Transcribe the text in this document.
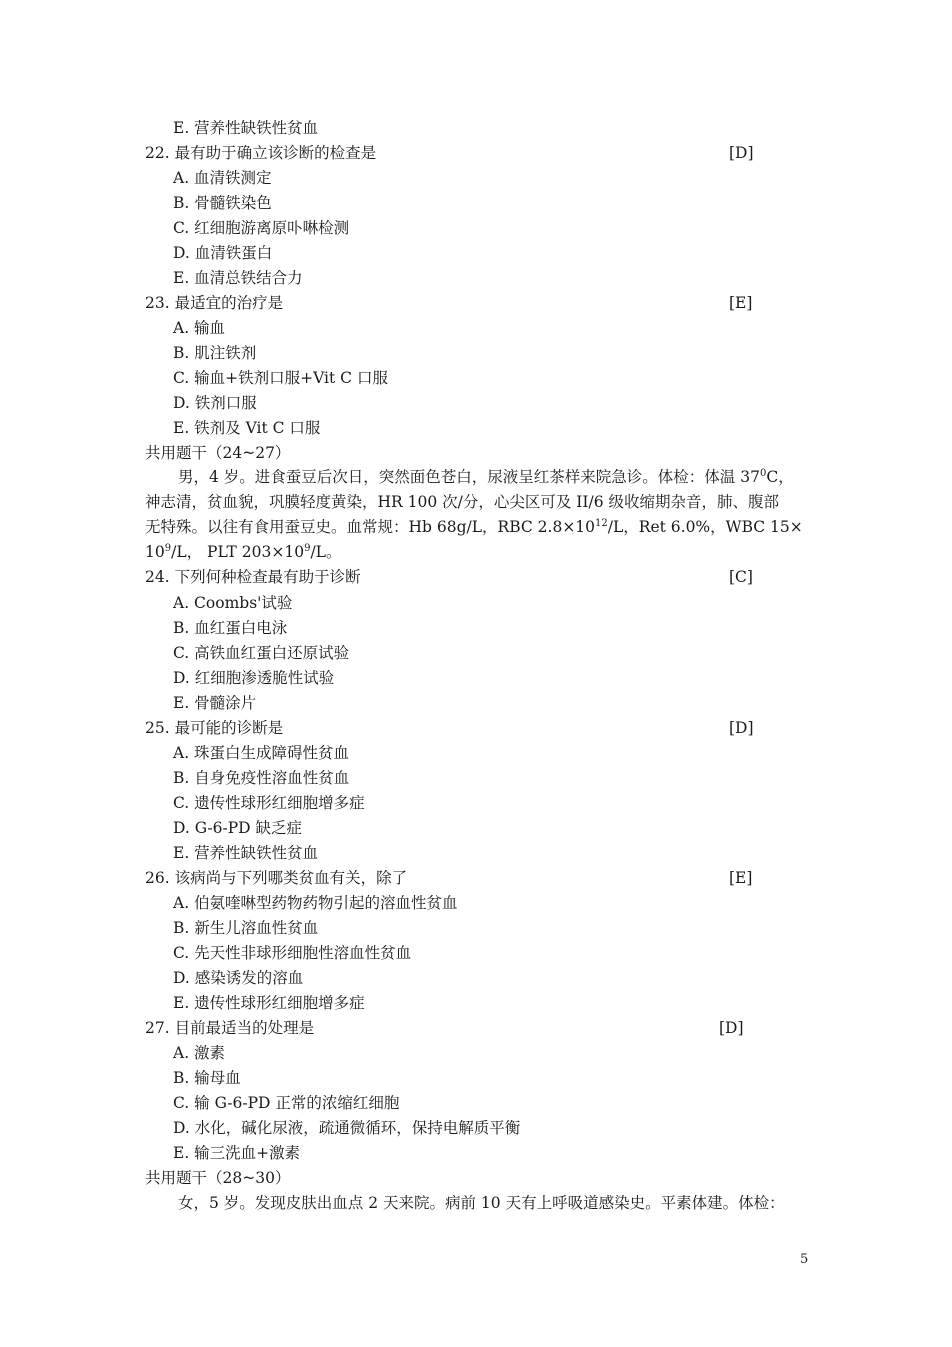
E. 营养性缺铁性贫血
22. 最有助于确立该诊断的检查是	[D]
A. 血清铁测定
B. 骨髓铁染色
C. 红细胞游离原卟啉检测
D. 血清铁蛋白
E. 血清总铁结合力
23. 最适宜的治疗是	[E]
A. 输血
B. 肌注铁剂
C. 输血+铁剂口服+Vit C 口服
D. 铁剂口服
E. 铁剂及 Vit C 口服
共用题干（24~27）
男，4 岁。进食蚕豆后次日，突然面色苍白，尿液呈红茶样来院急诊。体检：体温 $37^0C$，
神志清，贫血貌，巩膜轻度黄染，HR 100 次/分，心尖区可及 II/6 级收缩期杂音，肺、腹部
无特殊。以往有食用蚕豆史。血常规：Hb 68g/L，RBC $2.8\times 10^{12}/L$，Ret 6.0%，WBC 15×
$10^9/L$， PLT $203\times 10^9/L$。
24. 下列何种检查最有助于诊断	[C]
A. Coombs'试验
B. 血红蛋白电泳
C. 高铁血红蛋白还原试验
D. 红细胞渗透脆性试验
E. 骨髓涂片
25. 最可能的诊断是	[D]
A. 珠蛋白生成障碍性贫血
B. 自身免疫性溶血性贫血
C. 遗传性球形红细胞增多症
D. G-6-PD 缺乏症
E. 营养性缺铁性贫血
26. 该病尚与下列哪类贫血有关，除了	[E]
A. 伯氨喹啉型药物药物引起的溶血性贫血
B. 新生儿溶血性贫血
C. 先天性非球形细胞性溶血性贫血
D. 感染诱发的溶血
E. 遗传性球形红细胞增多症
27. 目前最适当的处理是	[D]
A. 激素
B. 输母血
C. 输 G-6-PD 正常的浓缩红细胞
D. 水化，碱化尿液，疏通微循环，保持电解质平衡
E. 输三洗血+激素
共用题干（28~30）
女，5 岁。发现皮肤出血点 2 天来院。病前 10 天有上呼吸道感染史。平素体建。体检：
5
